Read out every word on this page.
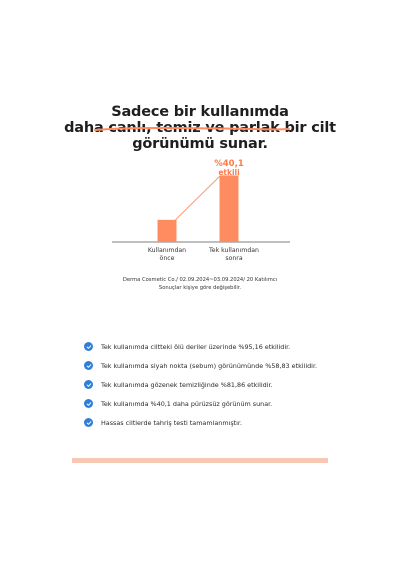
Sadece bir kullanımda
daha canlı, temiz ve parlak bir cilt
görünümü sunar.
%40,1
etkili
Kullanımdan
önce
Tek kullanımdan
sonra
Derma Cosmetic Co./ 02.09.2024~03.09.2024/ 20 Katılımcı
Sonuçlar kişiye göre değişebilir.
Tek kullanımda ciltteki ölü deriler üzerinde %95,16 etkilidir.
Tek kullanımda siyah nokta (sebum) görünümünde %58,83 etkilidir.
Tek kullanımda gözenek temizliğinde %81,86 etkilidir.
Tek kullanımda %40,1 daha pürüzsüz görünüm sunar.
Hassas ciltlerde tahriş testi tamamlanmıştır.
